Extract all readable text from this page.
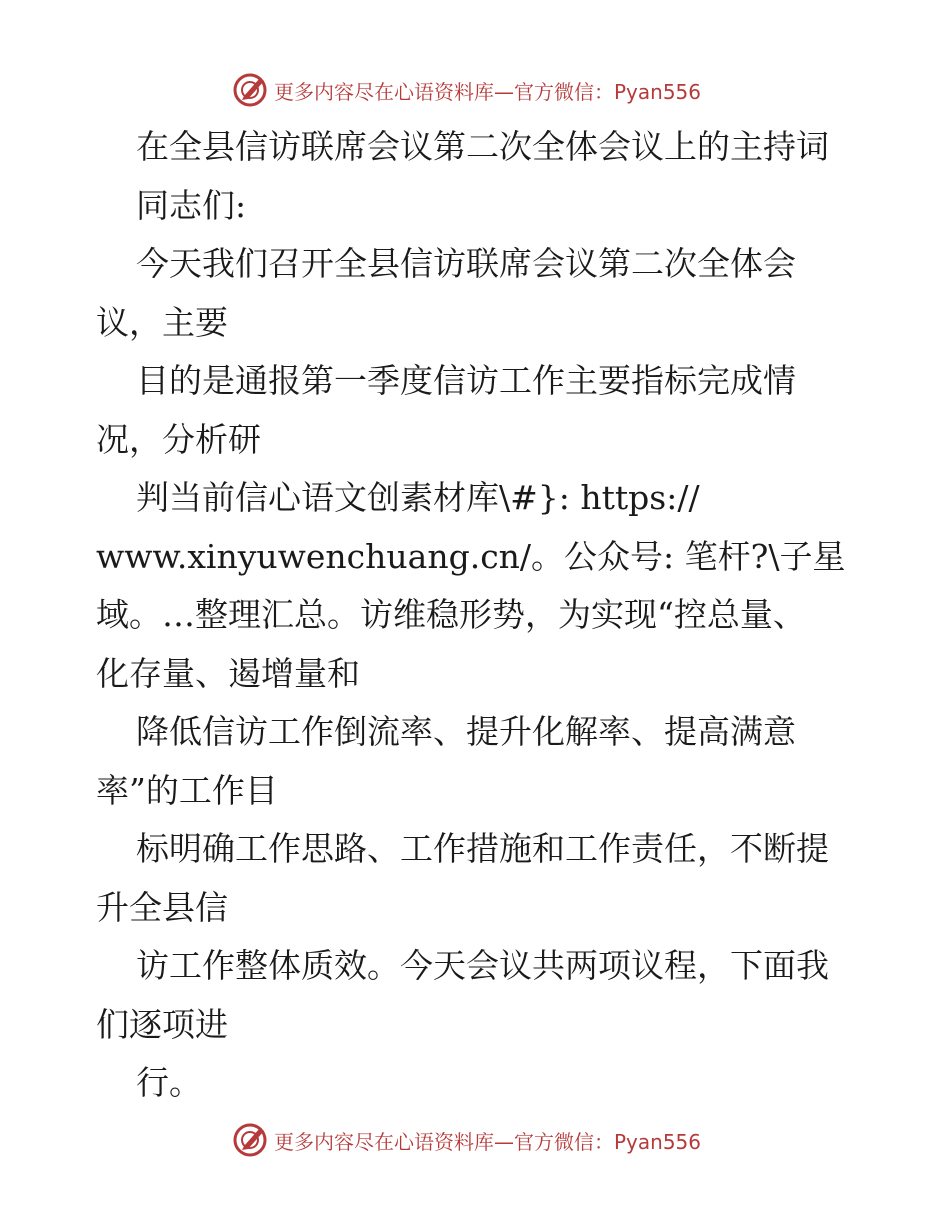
更多内容尽在心语资料库—官方微信：Pyan556
在全县信访联席会议第二次全体会议上的主持词
同志们:
今天我们召开全县信访联席会议第二次全体会
议，主要
目的是通报第一季度信访工作主要指标完成情
况，分析研
判当前信心语文创素材库\#}: https://
www.xinyuwenchuang.cn/。公众号: 笔杆?\子星
域。…整理汇总。访维稳形势，为实现“控总量、
化存量、遏增量和
降低信访工作倒流率、提升化解率、提高满意
率”的工作目
标明确工作思路、工作措施和工作责任，不断提
升全县信
访工作整体质效。今天会议共两项议程，下面我
们逐项进
行。
更多内容尽在心语资料库—官方微信：Pyan556
